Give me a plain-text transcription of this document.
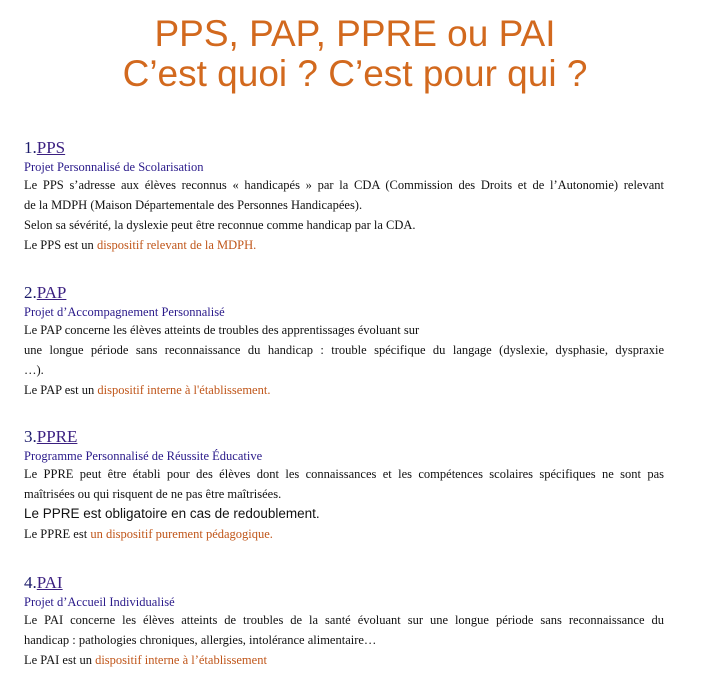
PPS, PAP, PPRE ou PAI
C’est quoi ? C’est pour qui ?
1.PPS
Projet Personnalisé de Scolarisation
Le PPS s’adresse aux élèves reconnus « handicapés » par la CDA (Commission des Droits et de l’Autonomie) relevant
de la MDPH (Maison Départementale des Personnes Handicapées).
Selon sa sévérité, la dyslexie peut être reconnue comme handicap par la CDA.
Le PPS est un dispositif relevant de la MDPH.
2.PAP
Projet d’Accompagnement Personnalisé
Le PAP concerne les élèves atteints de troubles des apprentissages évoluant sur
une longue période sans reconnaissance du handicap : trouble spécifique du langage (dyslexie, dysphasie, dyspraxie
…).
Le PAP est un dispositif interne à l'établissement.
3.PPRE
Programme Personnalisé de Réussite Éducative
Le PPRE peut être établi pour des élèves dont les connaissances et les compétences scolaires spécifiques ne sont pas
maîtrisées ou qui risquent de ne pas être maîtrisées.
Le PPRE est obligatoire en cas de redoublement.
Le PPRE est un dispositif purement pédagogique.
4.PAI
Projet d’Accueil Individualisé
Le PAI concerne les élèves atteints de troubles de la santé évoluant sur une longue période sans reconnaissance du
handicap : pathologies chroniques, allergies, intolérance alimentaire…
Le PAI est un dispositif interne à l’établissement
